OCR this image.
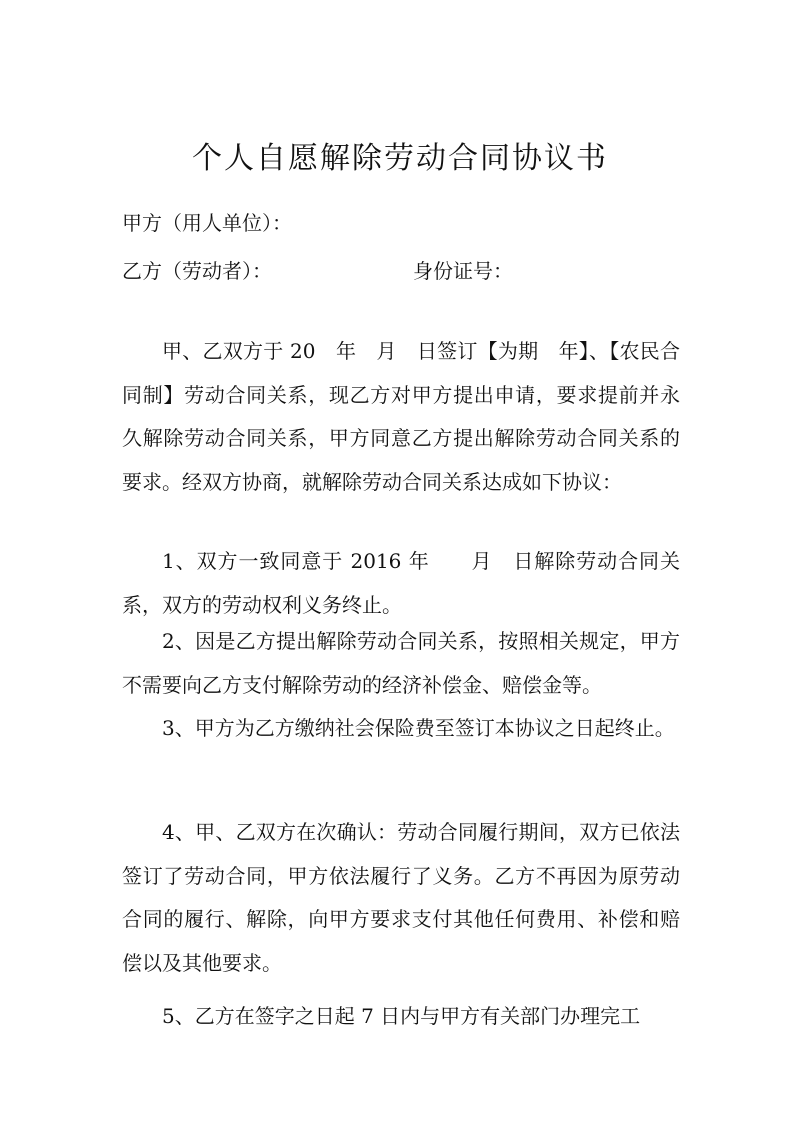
个人自愿解除劳动合同协议书
甲方（用人单位）：
乙方（劳动者）：	身份证号：

甲、乙双方于 20　年　月　日签订【为期　年】、【农民合同制】劳动合同关系，现乙方对甲方提出申请，要求提前并永久解除劳动合同关系，甲方同意乙方提出解除劳动合同关系的要求。经双方协商，就解除劳动合同关系达成如下协议：

1、双方一致同意于 2016 年　　月　日解除劳动合同关系，双方的劳动权利义务终止。

2、因是乙方提出解除劳动合同关系，按照相关规定，甲方不需要向乙方支付解除劳动的经济补偿金、赔偿金等。

3、甲方为乙方缴纳社会保险费至签订本协议之日起终止。

4、甲、乙双方在次确认：劳动合同履行期间，双方已依法签订了劳动合同，甲方依法履行了义务。乙方不再因为原劳动合同的履行、解除，向甲方要求支付其他任何费用、补偿和赔偿以及其他要求。

5、乙方在签字之日起 7 日内与甲方有关部门办理完工
